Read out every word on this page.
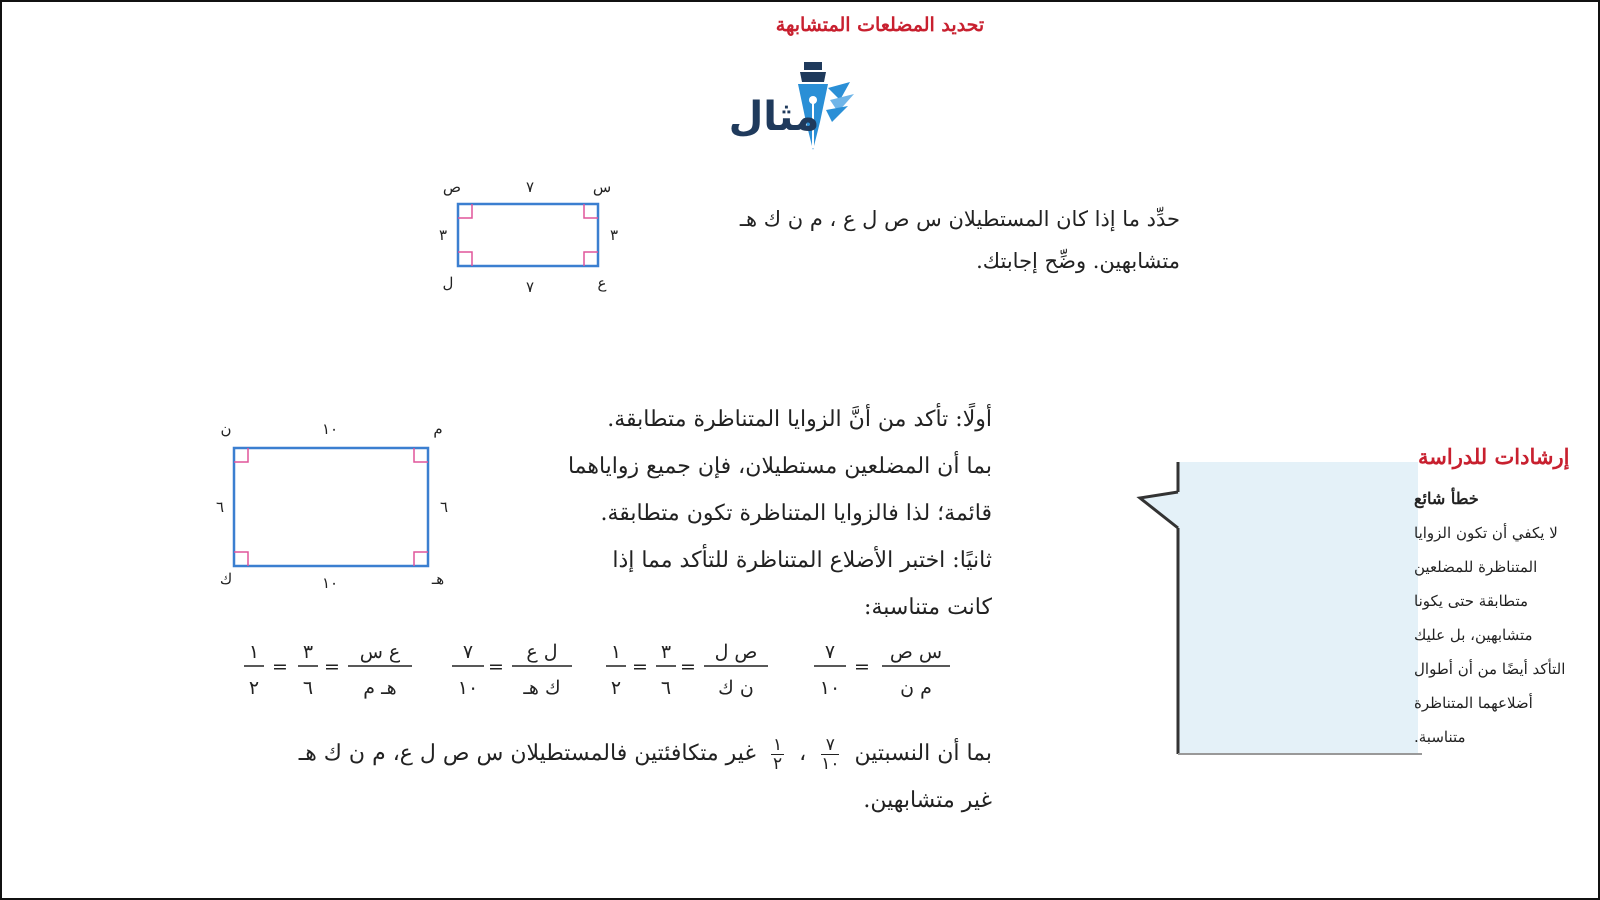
تحديد المضلعات المتشابهة
مثال
حدِّد ما إذا كان المستطيلان س ص ل ع ، م ن ك هـ
متشابهين. وضِّح إجابتك.
س
ص
ع
ل
٧
٧
٣	٣
أولًا: تأكد من أنَّ الزوايا المتناظرة متطابقة.
بما أن المضلعين مستطيلان، فإن جميع زواياهما
قائمة؛ لذا فالزوايا المتناظرة تكون متطابقة.
ثانيًا: اختبر الأضلاع المتناظرة للتأكد مما إذا
كانت متناسبة:
م
ن
هـ
ك
١٠
١٠
٦	٦
س ص
م ن
=
٧
١٠
ص ل
ن ك
=
٣
٦
=
١
٢
ل ع
ك هـ
=
٧
١٠
ع س
هـ م
=
٣
٦
=
١
٢
بما أن النسبتين
٧
١٠
،
١
٢
غير متكافئتين فالمستطيلان س ص ل ع، م ن ك هـ
غير متشابهين.
إرشادات للدراسة
خطأ شائع
لا يكفي أن تكون الزوايا
المتناظرة للمضلعين
متطابقة حتى يكونا
متشابهين، بل عليك
التأكد أيضًا من أن أطوال
أضلاعهما المتناظرة
متناسبة.
